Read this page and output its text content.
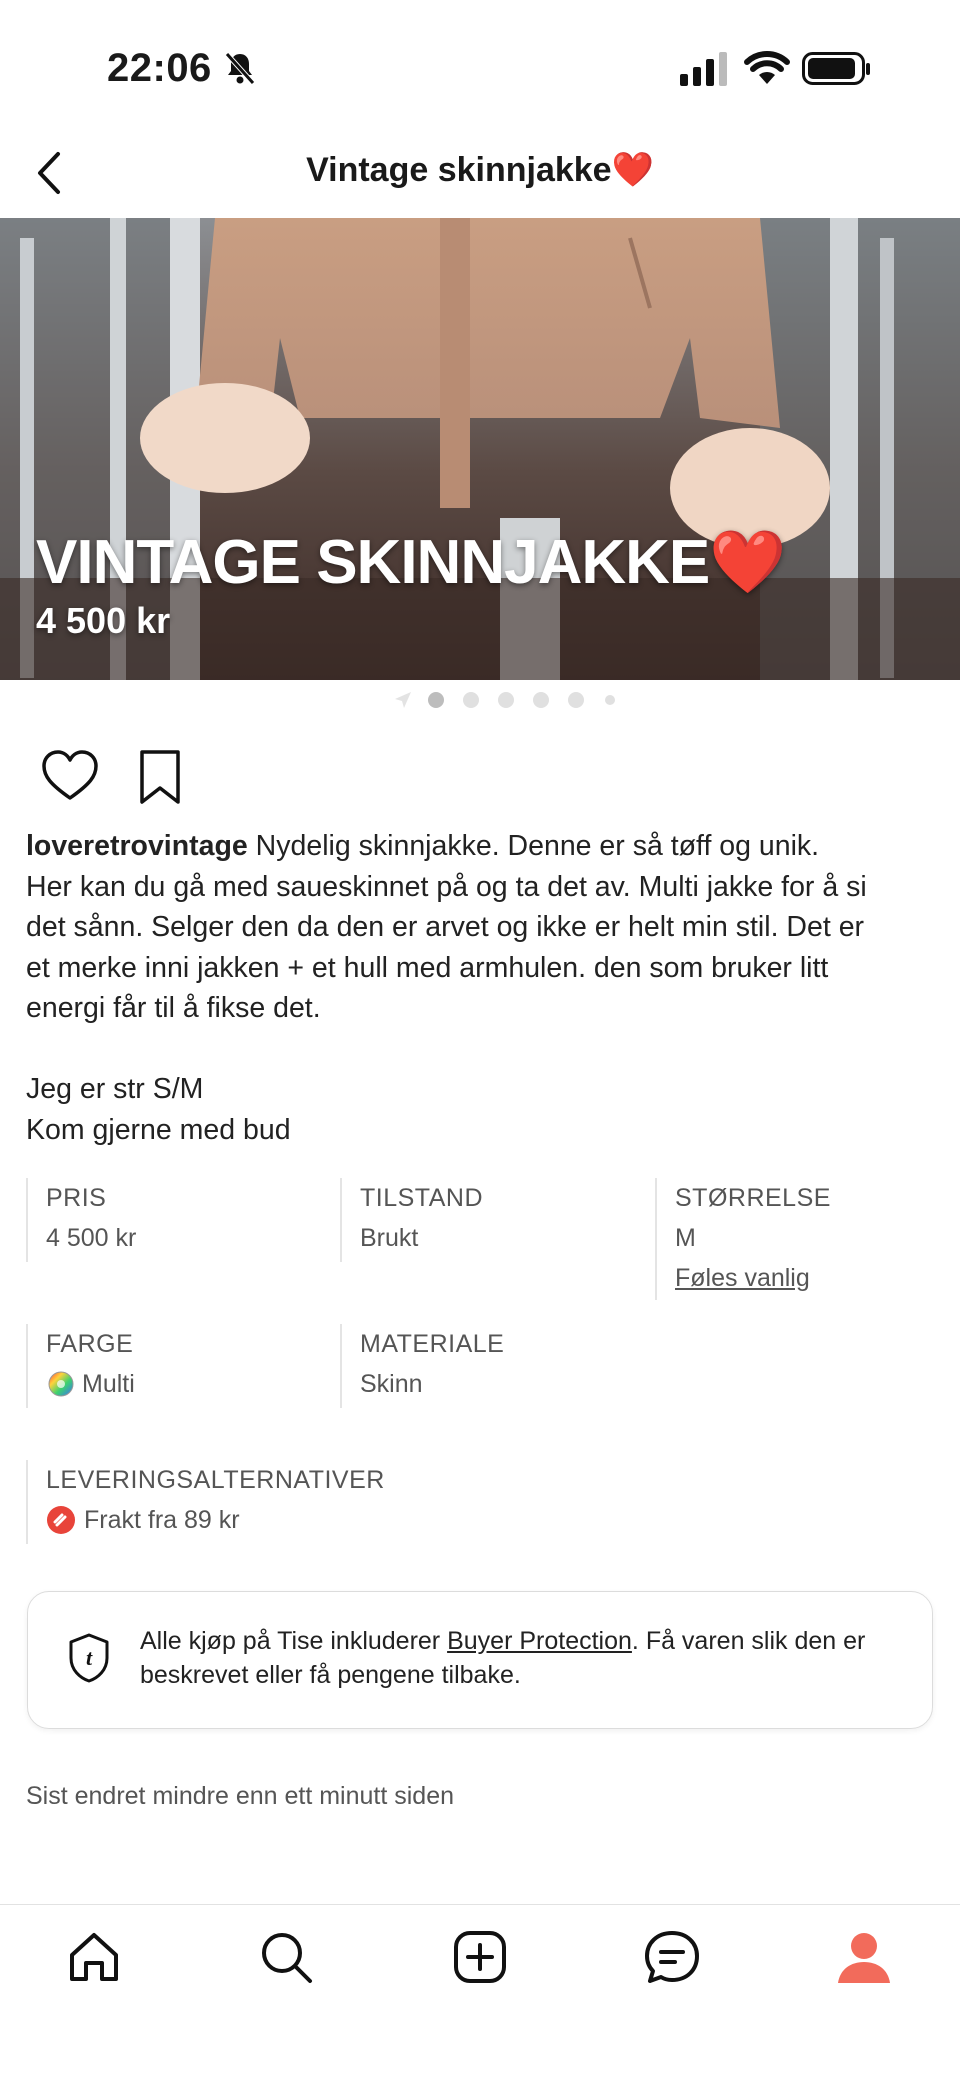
22:06
Vintage skinnjakke❤️
VINTAGE SKINNJAKKE❤️
4 500 kr

loveretrovintage Nydelig skinnjakke. Denne er så tøff og unik.

Her kan du gå med saueskinnet på og ta det av. Multi jakke for å si

det sånn. Selger den da den er arvet og ikke er helt min stil. Det er

et merke inni jakken + et hull med armhulen. den som bruker litt

energi får til å fikse det.

Jeg er str S/M

Kom gjerne med bud

PRIS
4 500 kr
TILSTAND
Brukt
STØRRELSE
M
Føles vanlig
FARGE
Multi
MATERIALE
Skinn
LEVERINGSALTERNATIVER
Frakt fra 89 kr
t
Alle kjøp på Tise inkluderer Buyer Protection. Få varen slik den er beskrevet eller få pengene tilbake.
Sist endret mindre enn ett minutt siden
